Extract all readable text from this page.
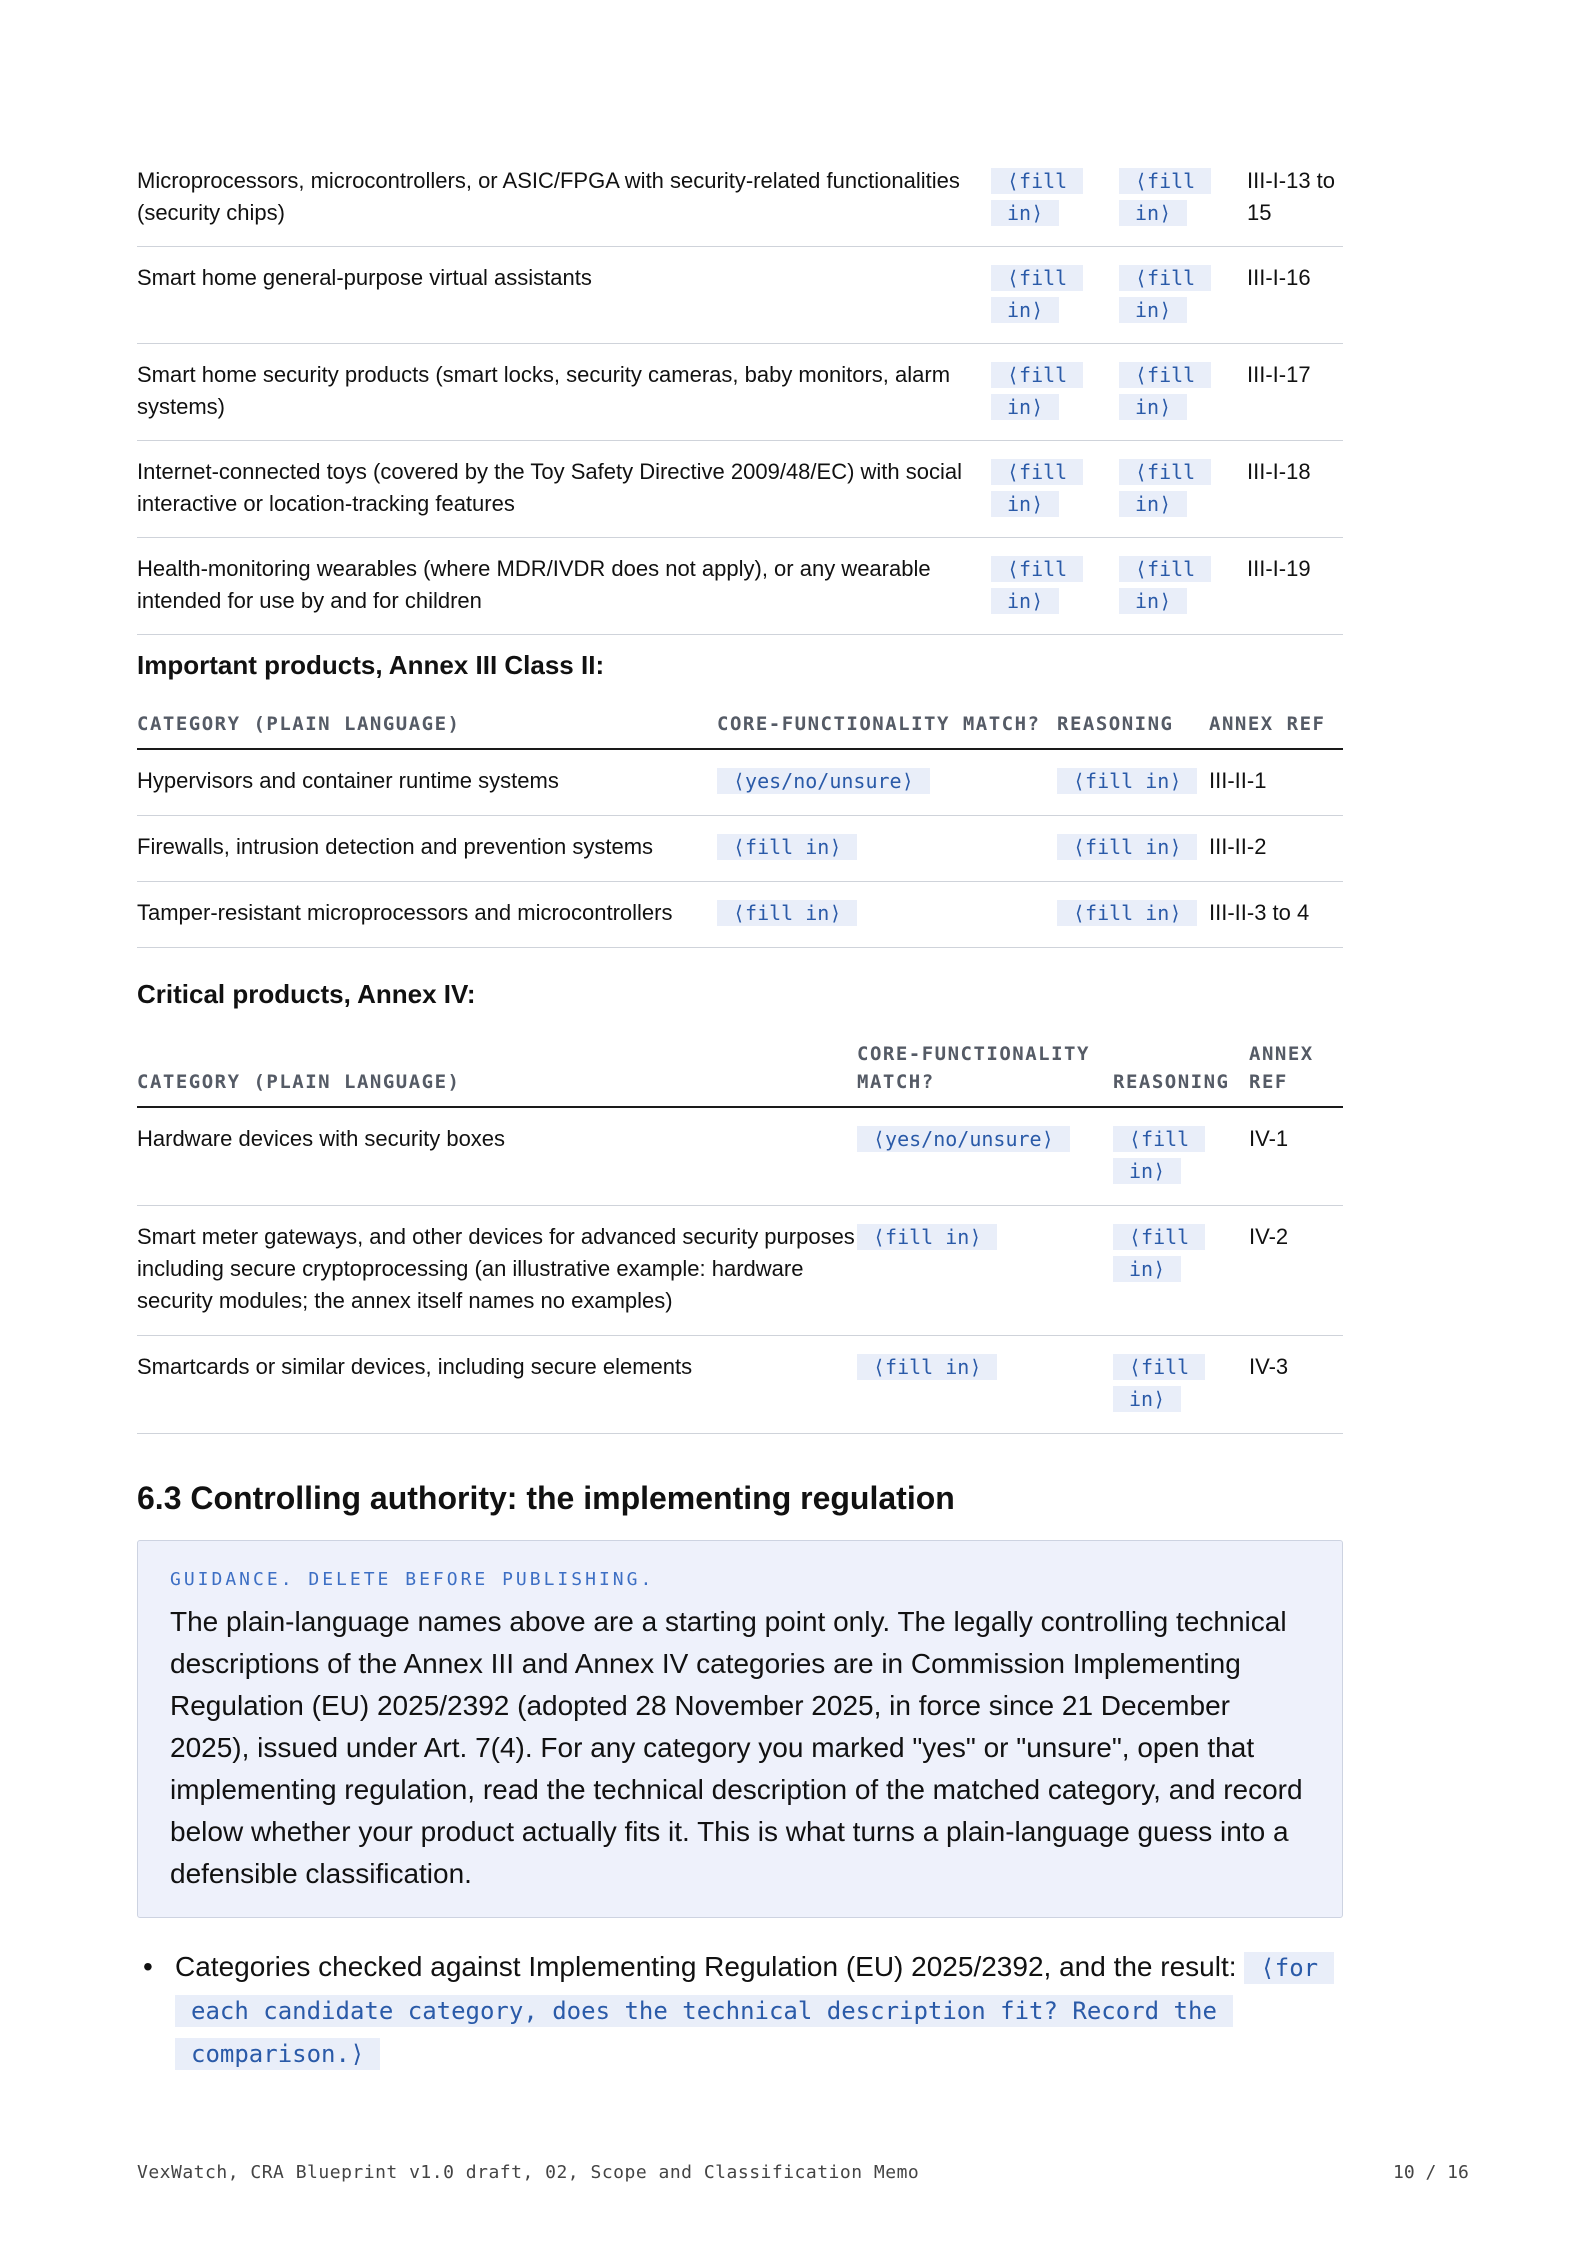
Microprocessors, microcontrollers, or ASIC/FPGA with security-related functionalities (security chips)	⟨fill in⟩	⟨fill in⟩	III-I-13 to 15
Smart home general-purpose virtual assistants	⟨fill in⟩	⟨fill in⟩	III-I-16
Smart home security products (smart locks, security cameras, baby monitors, alarm systems)	⟨fill in⟩	⟨fill in⟩	III-I-17
Internet-connected toys (covered by the Toy Safety Directive 2009/48/EC) with social interactive or location-tracking features	⟨fill in⟩	⟨fill in⟩	III-I-18
Health-monitoring wearables (where MDR/IVDR does not apply), or any wearable intended for use by and for children	⟨fill in⟩	⟨fill in⟩	III-I-19
Important products, Annex III Class II:
CATEGORY (PLAIN LANGUAGE)	CORE-FUNCTIONALITY MATCH?	REASONING	ANNEX REF
Hypervisors and container runtime systems	⟨yes/no/unsure⟩	⟨fill in⟩	III-II-1
Firewalls, intrusion detection and prevention systems	⟨fill in⟩	⟨fill in⟩	III-II-2
Tamper-resistant microprocessors and microcontrollers	⟨fill in⟩	⟨fill in⟩	III-II-3 to 4
Critical products, Annex IV:
CATEGORY (PLAIN LANGUAGE)	CORE-FUNCTIONALITY MATCH?	REASONING	ANNEX REF
Hardware devices with security boxes	⟨yes/no/unsure⟩	⟨fill in⟩	IV-1
Smart meter gateways, and other devices for advanced security purposes including secure cryptoprocessing (an illustrative example: hardware security modules; the annex itself names no examples)	⟨fill in⟩	⟨fill in⟩	IV-2
Smartcards or similar devices, including secure elements	⟨fill in⟩	⟨fill in⟩	IV-3
6.3 Controlling authority: the implementing regulation
GUIDANCE. DELETE BEFORE PUBLISHING.
The plain-language names above are a starting point only. The legally controlling technical descriptions of the Annex III and Annex IV categories are in Commission Implementing Regulation (EU) 2025/2392 (adopted 28 November 2025, in force since 21 December 2025), issued under Art. 7(4). For any category you marked "yes" or "unsure", open that implementing regulation, read the technical description of the matched category, and record below whether your product actually fits it. This is what turns a plain-language guess into a defensible classification.
• Categories checked against Implementing Regulation (EU) 2025/2392, and the result: ⟨for each candidate category, does the technical description fit? Record the comparison.⟩
VexWatch, CRA Blueprint v1.0 draft, 02, Scope and Classification Memo	10 / 16
